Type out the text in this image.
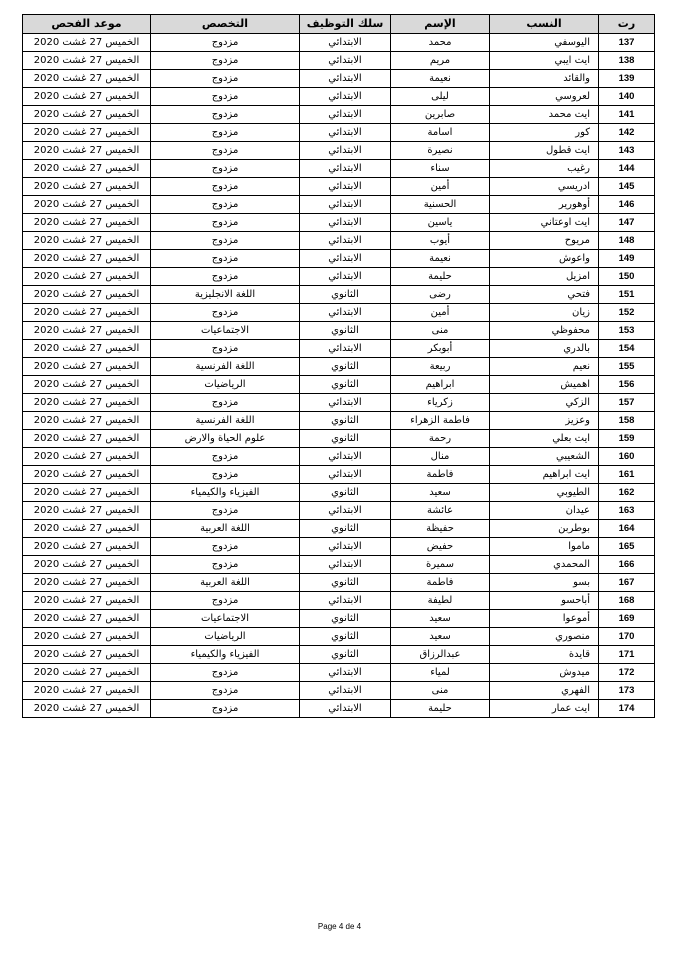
رت	النسب	الإسم	سلك التوظيف	التخصص	موعد الفحص
137	اليوسفي	محمد	الابتدائي	مزدوج	الخميس 27 غشت 2020
138	ايت ايبي	مريم	الابتدائي	مزدوج	الخميس 27 غشت 2020
139	والقائد	نعيمة	الابتدائي	مزدوج	الخميس 27 غشت 2020
140	لعروسي	ليلى	الابتدائي	مزدوج	الخميس 27 غشت 2020
141	ايت محمد	صابرين	الابتدائي	مزدوج	الخميس 27 غشت 2020
142	كور	اسامة	الابتدائي	مزدوج	الخميس 27 غشت 2020
143	ايت قطول	نصيرة	الابتدائي	مزدوج	الخميس 27 غشت 2020
144	رغيب	سناء	الابتدائي	مزدوج	الخميس 27 غشت 2020
145	ادريسي	أمين	الابتدائي	مزدوج	الخميس 27 غشت 2020
146	أوهورير	الحسنية	الابتدائي	مزدوج	الخميس 27 غشت 2020
147	ايت اوعتاني	ياسين	الابتدائي	مزدوج	الخميس 27 غشت 2020
148	مريوح	أيوب	الابتدائي	مزدوج	الخميس 27 غشت 2020
149	واعوش	نعيمة	الابتدائي	مزدوج	الخميس 27 غشت 2020
150	امزيل	حليمة	الابتدائي	مزدوج	الخميس 27 غشت 2020
151	فتحي	رضى	الثانوي	اللغة الانجليزية	الخميس 27 غشت 2020
152	زيان	أمين	الابتدائي	مزدوج	الخميس 27 غشت 2020
153	محفوظي	منى	الثانوي	الاجتماعيات	الخميس 27 غشت 2020
154	بالدري	أبوبكر	الابتدائي	مزدوج	الخميس 27 غشت 2020
155	نعيم	ربيعة	الثانوي	اللغة الفرنسية	الخميس 27 غشت 2020
156	اهميش	ابراهيم	الثانوي	الرياضيات	الخميس 27 غشت 2020
157	الزكي	زكرياء	الابتدائي	مزدوج	الخميس 27 غشت 2020
158	وعزيز	فاطمة الزهراء	الثانوي	اللغة الفرنسية	الخميس 27 غشت 2020
159	ايت بعلي	رحمة	الثانوي	علوم الحياة والارض	الخميس 27 غشت 2020
160	الشعيبي	منال	الابتدائي	مزدوج	الخميس 27 غشت 2020
161	ايت ابراهيم	فاطمة	الابتدائي	مزدوج	الخميس 27 غشت 2020
162	الطيوبي	سعيد	الثانوي	الفيزياء والكيمياء	الخميس 27 غشت 2020
163	عيدان	عائشة	الابتدائي	مزدوج	الخميس 27 غشت 2020
164	بوطربن	حفيظة	الثانوي	اللغة العربية	الخميس 27 غشت 2020
165	ماموا	حفيض	الابتدائي	مزدوج	الخميس 27 غشت 2020
166	المحمدي	سميرة	الابتدائي	مزدوج	الخميس 27 غشت 2020
167	بسو	فاطمة	الثانوي	اللغة العربية	الخميس 27 غشت 2020
168	أباحسو	لطيفة	الابتدائي	مزدوج	الخميس 27 غشت 2020
169	أموعوا	سعيد	الثانوي	الاجتماعيات	الخميس 27 غشت 2020
170	منصوري	سعيد	الثانوي	الرياضيات	الخميس 27 غشت 2020
171	قايدة	عبدالرزاق	الثانوي	الفيزياء والكيمياء	الخميس 27 غشت 2020
172	ميدوش	لمياء	الابتدائي	مزدوج	الخميس 27 غشت 2020
173	الفهري	منى	الابتدائي	مزدوج	الخميس 27 غشت 2020
174	ايت عمار	حليمة	الابتدائي	مزدوج	الخميس 27 غشت 2020
Page 4 de 4
